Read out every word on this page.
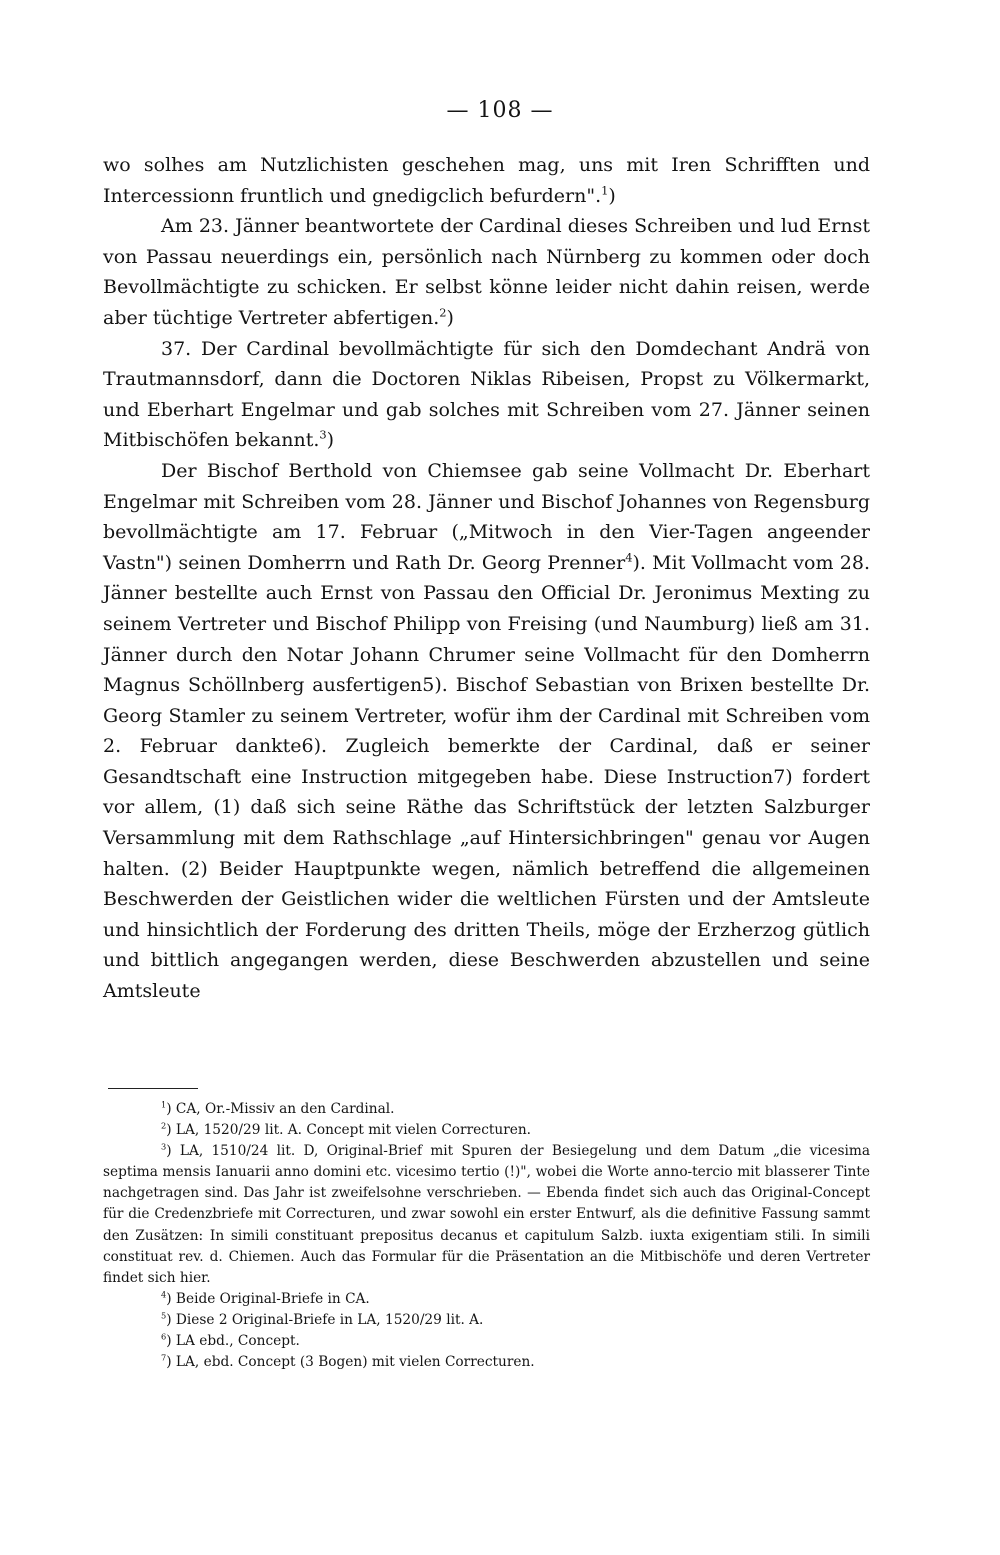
— 108 —

wo solhes am Nutzlichisten geschehen mag, uns mit Iren Schrifften und Intercessionn fruntlich und gnedigclich befurdern".$^1$)

Am 23. Jänner beantwortete der Cardinal dieses Schreiben und lud Ernst von Passau neuerdings ein, persönlich nach Nürnberg zu kommen oder doch Bevollmächtigte zu schicken. Er selbst könne leider nicht dahin reisen, werde aber tüchtige Vertreter abfertigen.$^2$)

37. Der Cardinal bevollmächtigte für sich den Domdechant Andrä von Trautmannsdorf, dann die Doctoren Niklas Ribeisen, Propst zu Völkermarkt, und Eberhart Engelmar und gab solches mit Schreiben vom 27. Jänner seinen Mitbischöfen bekannt.$^3$)

Der Bischof Berthold von Chiemsee gab seine Vollmacht Dr. Eberhart Engelmar mit Schreiben vom 28. Jänner und Bischof Johannes von Regensburg bevollmächtigte am 17. Februar („Mitwoch in den Vier-Tagen angeender Vastn") seinen Domherrn und Rath Dr. Georg Prenner$^4$). Mit Vollmacht vom 28. Jänner bestellte auch Ernst von Passau den Official Dr. Jeronimus Mexting zu seinem Vertreter und Bischof Philipp von Freising (und Naumburg) ließ am 31. Jänner durch den Notar Johann Chrumer seine Vollmacht für den Domherrn Magnus Schöllnberg ausfertigen5). Bischof Sebastian von Brixen bestellte Dr. Georg Stamler zu seinem Vertreter, wofür ihm der Cardinal mit Schreiben vom 2. Februar dankte6). Zugleich bemerkte der Cardinal, daß er seiner Gesandtschaft eine Instruction mitgegeben habe. Diese Instruction7) fordert vor allem, (1) daß sich seine Räthe das Schriftstück der letzten Salzburger Versammlung mit dem Rathschlage „auf Hintersichbringen" genau vor Augen halten. (2) Beider Hauptpunkte wegen, nämlich betreffend die allgemeinen Beschwerden der Geistlichen wider die weltlichen Fürsten und der Amtsleute und hinsichtlich der Forderung des dritten Theils, möge der Erzherzog gütlich und bittlich angegangen werden, diese Beschwerden abzustellen und seine Amtsleute

$^1$) CA, Or.-Missiv an den Cardinal.

$^2$) LA, 1520/29 lit. A. Concept mit vielen Correcturen.

$^3$) LA, 1510/24 lit. D, Original-Brief mit Spuren der Besiegelung und dem Datum „die vicesima septima mensis Ianuarii anno domini etc. vicesimo tertio (!)", wobei die Worte anno-tercio mit blasserer Tinte nachgetragen sind. Das Jahr ist zweifelsohne verschrieben. — Ebenda findet sich auch das Original-Concept für die Credenzbriefe mit Correcturen, und zwar sowohl ein erster Entwurf, als die definitive Fassung sammt den Zusätzen: In simili constituant prepositus decanus et capitulum Salzb. iuxta exigentiam stili. In simili constituat rev. d. Chiemen. Auch das Formular für die Präsentation an die Mitbischöfe und deren Vertreter findet sich hier.

$^4$) Beide Original-Briefe in CA.

$^5$) Diese 2 Original-Briefe in LA, 1520/29 lit. A.

$^6$) LA ebd., Concept.

$^7$) LA, ebd. Concept (3 Bogen) mit vielen Correcturen.
